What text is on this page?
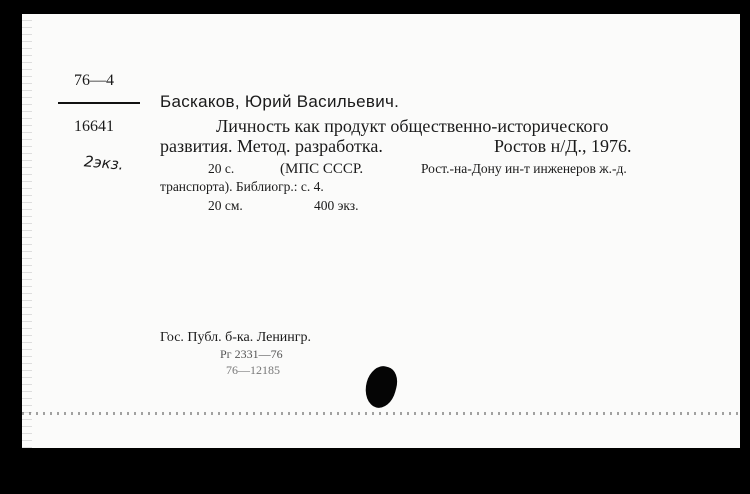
76—4

16641

2экз.

Баскаков, Юрий Васильевич.

Личность как продукт общественно-исторического

развития. Метод. разработка.	Ростов н/Д., 1976.

20 с.	(МПС СССР.	Рост.-на-Дону ин-т инженеров ж.-д.

транспорта). Библиогр.: с. 4.

20 см.	400 экз.

Гос. Публ. б-ка. Ленингр.

Рг 2331—76

76—12185
